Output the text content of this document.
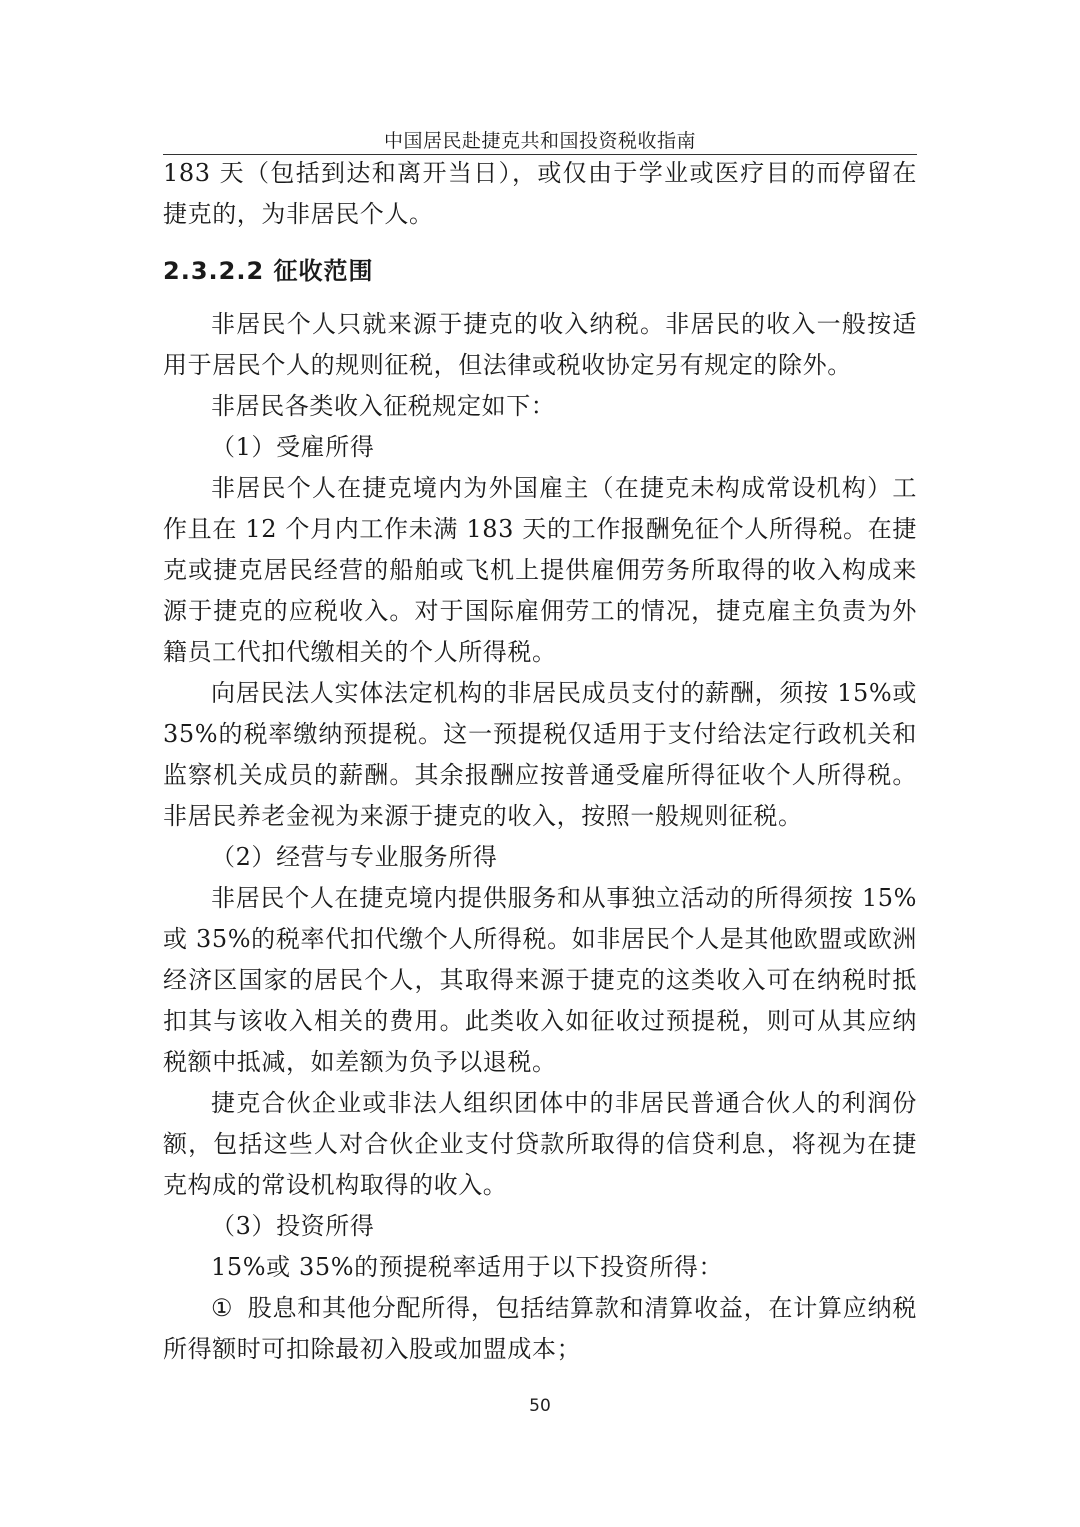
中国居民赴捷克共和国投资税收指南

183 天（包括到达和离开当日），或仅由于学业或医疗目的而停留在捷克的，为非居民个人。

2.3.2.2 征收范围

非居民个人只就来源于捷克的收入纳税。非居民的收入一般按适用于居民个人的规则征税，但法律或税收协定另有规定的除外。

非居民各类收入征税规定如下：

（1）受雇所得

非居民个人在捷克境内为外国雇主（在捷克未构成常设机构）工作且在 12 个月内工作未满 183 天的工作报酬免征个人所得税。在捷克或捷克居民经营的船舶或飞机上提供雇佣劳务所取得的收入构成来源于捷克的应税收入。对于国际雇佣劳工的情况，捷克雇主负责为外籍员工代扣代缴相关的个人所得税。

向居民法人实体法定机构的非居民成员支付的薪酬，须按 15%或 35%的税率缴纳预提税。这一预提税仅适用于支付给法定行政机关和监察机关成员的薪酬。其余报酬应按普通受雇所得征收个人所得税。非居民养老金视为来源于捷克的收入，按照一般规则征税。

（2）经营与专业服务所得

非居民个人在捷克境内提供服务和从事独立活动的所得须按 15%或 35%的税率代扣代缴个人所得税。如非居民个人是其他欧盟或欧洲经济区国家的居民个人，其取得来源于捷克的这类收入可在纳税时抵扣其与该收入相关的费用。此类收入如征收过预提税，则可从其应纳税额中抵减，如差额为负予以退税。

捷克合伙企业或非法人组织团体中的非居民普通合伙人的利润份额，包括这些人对合伙企业支付贷款所取得的信贷利息，将视为在捷克构成的常设机构取得的收入。

（3）投资所得

15%或 35%的预提税率适用于以下投资所得：

① 股息和其他分配所得，包括结算款和清算收益，在计算应纳税所得额时可扣除最初入股或加盟成本；

50
